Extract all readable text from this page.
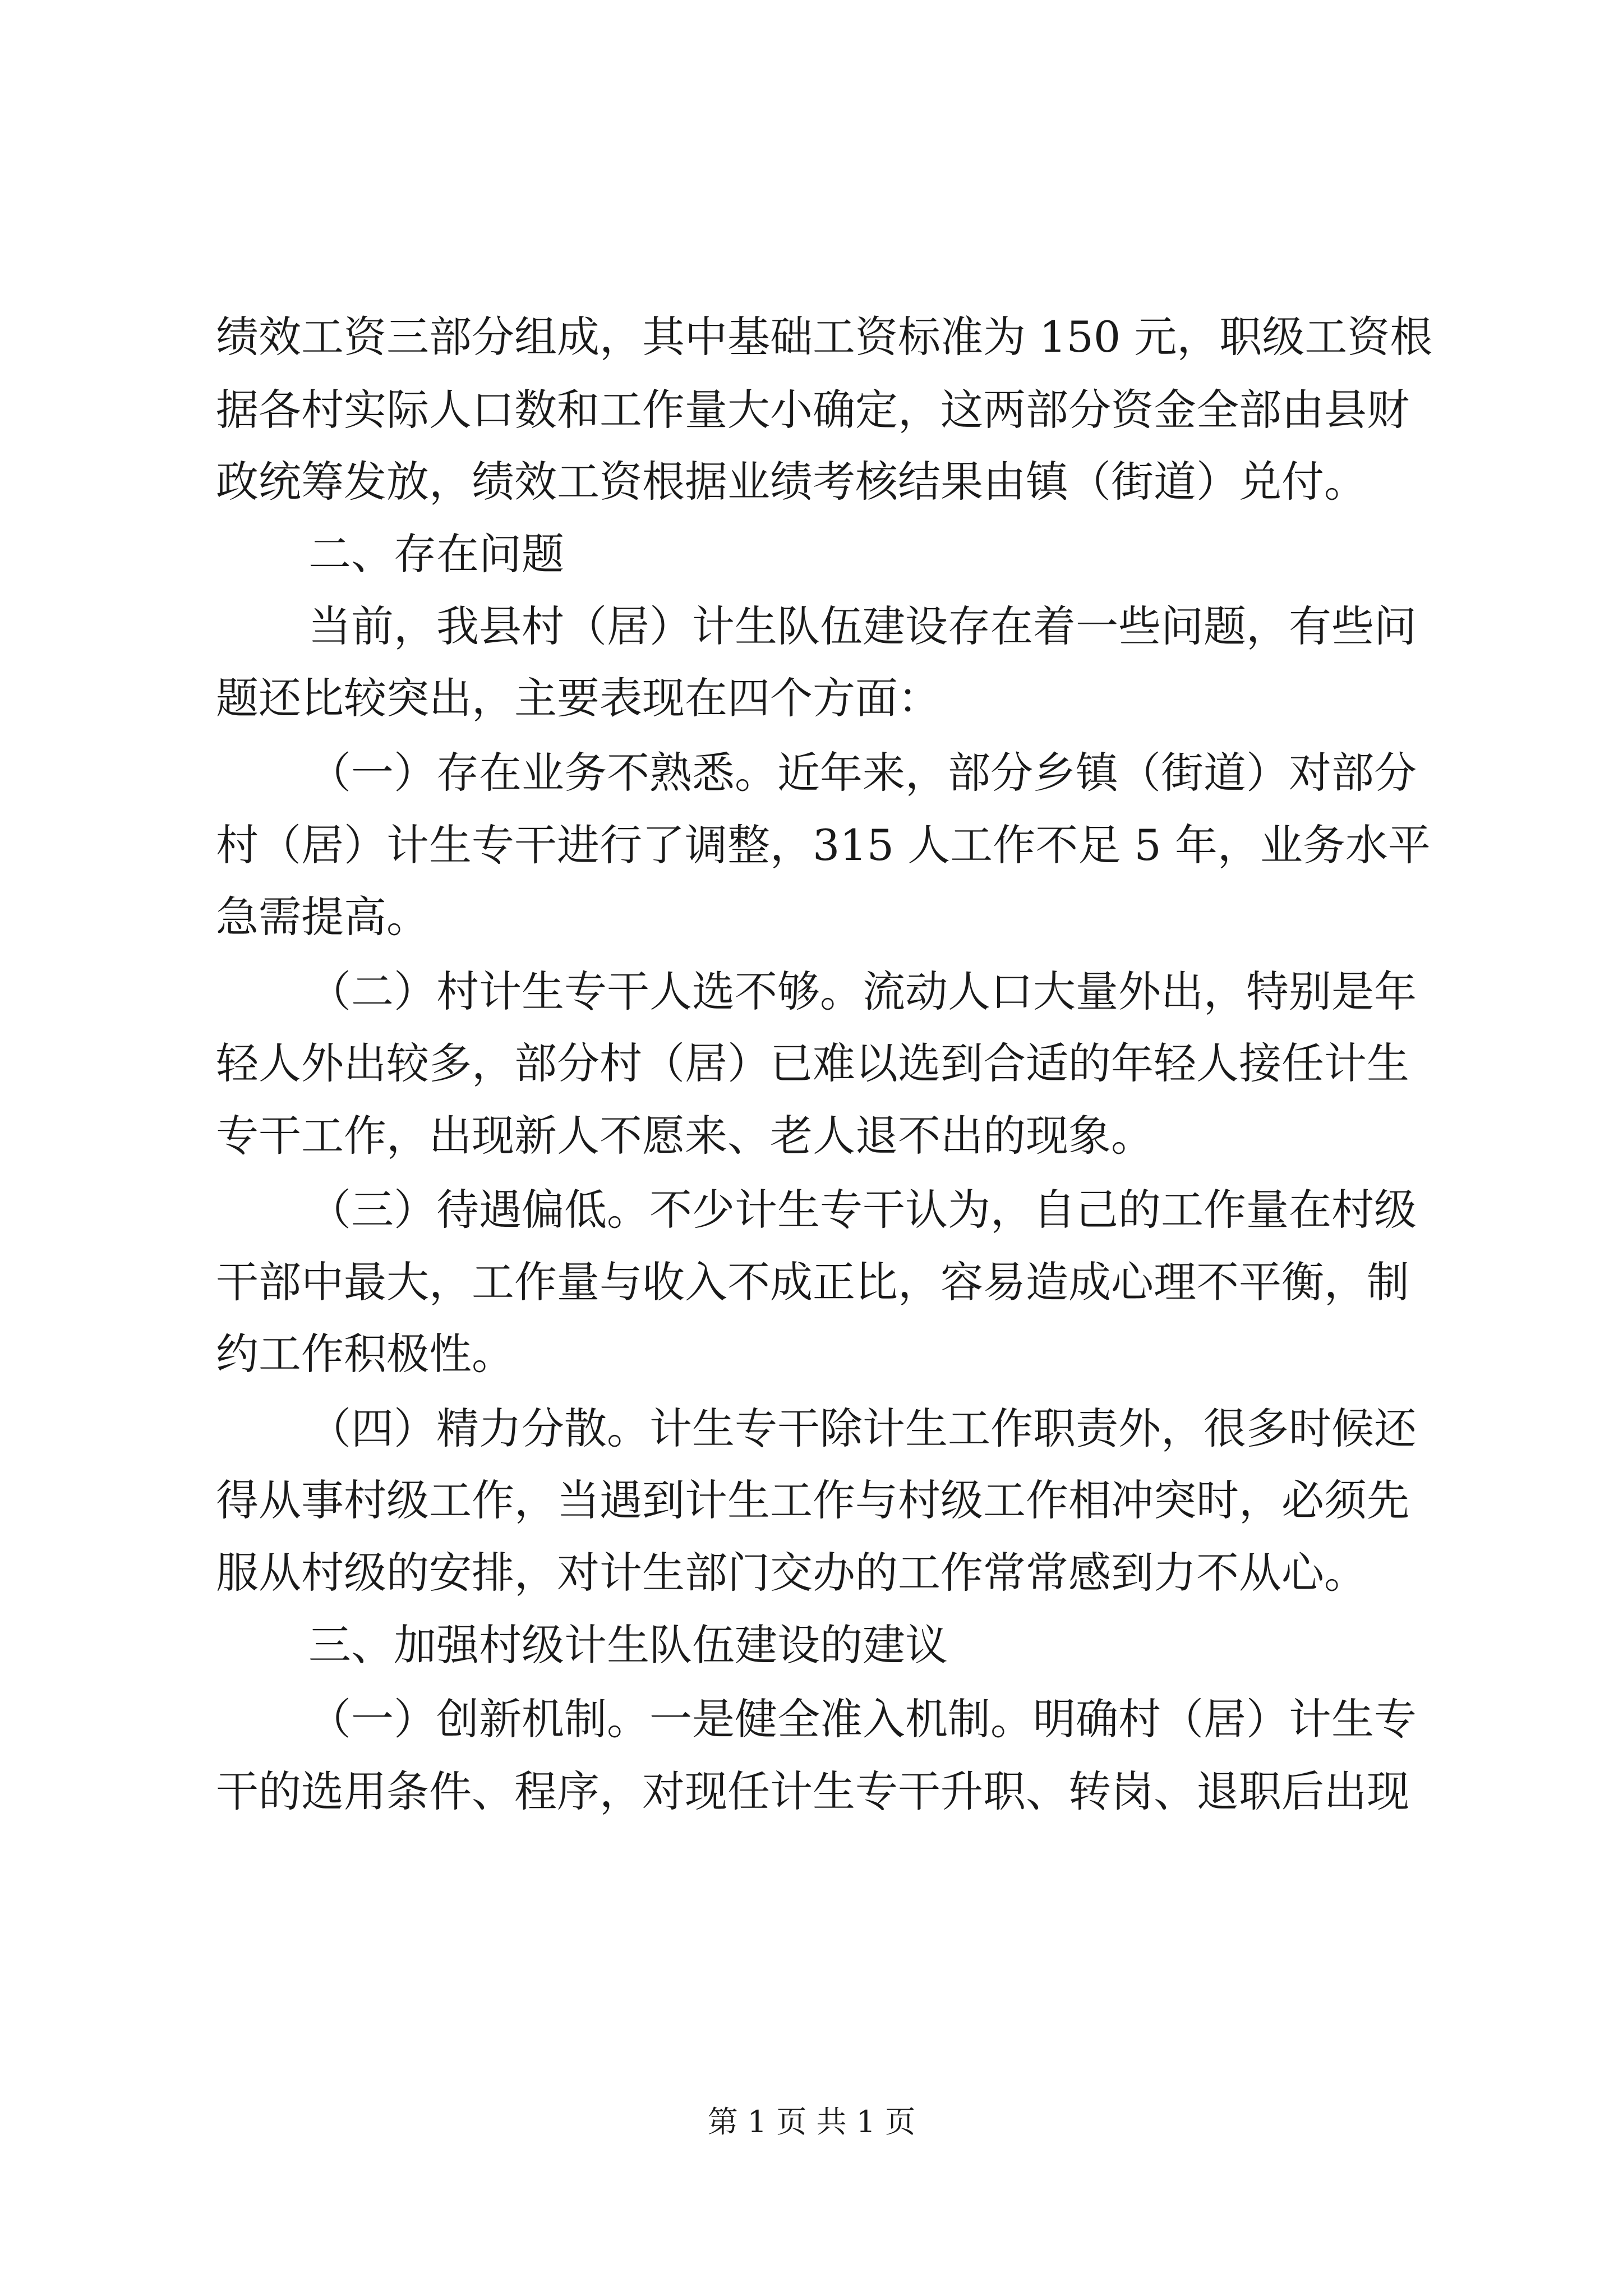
绩效工资三部分组成，其中基础工资标准为 150 元，职级工资根
据各村实际人口数和工作量大小确定，这两部分资金全部由县财
政统筹发放，绩效工资根据业绩考核结果由镇（街道）兑付。
二、存在问题
当前，我县村（居）计生队伍建设存在着一些问题，有些问
题还比较突出，主要表现在四个方面：
（一）存在业务不熟悉。近年来，部分乡镇（街道）对部分
村（居）计生专干进行了调整，315 人工作不足 5 年，业务水平
急需提高。
（二）村计生专干人选不够。流动人口大量外出，特别是年
轻人外出较多，部分村（居）已难以选到合适的年轻人接任计生
专干工作，出现新人不愿来、老人退不出的现象。
（三）待遇偏低。不少计生专干认为，自己的工作量在村级
干部中最大，工作量与收入不成正比，容易造成心理不平衡，制
约工作积极性。
（四）精力分散。计生专干除计生工作职责外，很多时候还
得从事村级工作，当遇到计生工作与村级工作相冲突时，必须先
服从村级的安排，对计生部门交办的工作常常感到力不从心。
三、加强村级计生队伍建设的建议
（一）创新机制。一是健全准入机制。明确村（居）计生专
干的选用条件、程序，对现任计生专干升职、转岗、退职后出现
第 1 页 共 1 页
